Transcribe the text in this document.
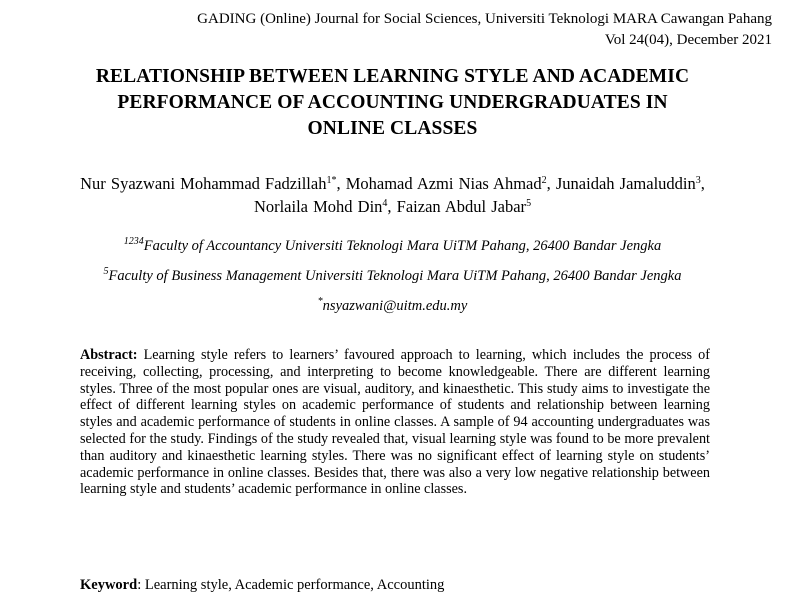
GADING (Online) Journal for Social Sciences, Universiti Teknologi MARA Cawangan Pahang
Vol 24(04), December 2021
RELATIONSHIP BETWEEN LEARNING STYLE AND ACADEMIC
PERFORMANCE OF ACCOUNTING UNDERGRADUATES IN
ONLINE CLASSES
Nur Syazwani Mohammad Fadzillah$^{1*}$, Mohamad Azmi Nias Ahmad$^2$, Junaidah Jamaluddin$^3$,
Norlaila Mohd Din$^4$, Faizan Abdul Jabar$^5$
$^{1234}$Faculty of Accountancy Universiti Teknologi Mara UiTM Pahang, 26400 Bandar Jengka
$^5$Faculty of Business Management Universiti Teknologi Mara UiTM Pahang, 26400 Bandar Jengka
*nsyazwani@uitm.edu.my
Abstract: Learning style refers to learners’ favoured approach to learning, which includes the process of receiving, collecting, processing, and interpreting to become knowledgeable. There are different learning styles. Three of the most popular ones are visual, auditory, and kinaesthetic. This study aims to investigate the effect of different learning styles on academic performance of students and relationship between learning styles and academic performance of students in online classes. A sample of 94 accounting undergraduates was selected for the study. Findings of the study revealed that, visual learning style was found to be more prevalent than auditory and kinaesthetic learning styles. There was no significant effect of learning style on students’ academic performance in online classes. Besides that, there was also a very low negative relationship between learning style and students’ academic performance in online classes.
Keyword: Learning style, Academic performance, Accounting
